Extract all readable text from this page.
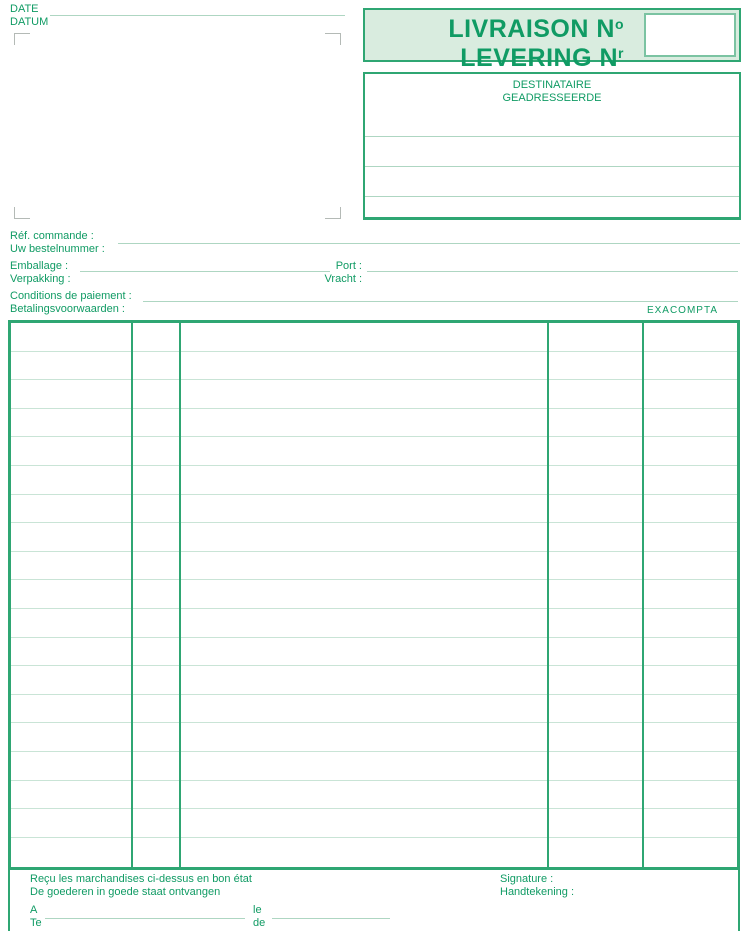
DATE
DATUM	LIVRAISON $N^o$
LEVERING $N^r$
DESTINATAIRE
GEADRESSEERDE
Réf. commande :
Uw bestelnummer :
Emballage :
Verpakking :
Port :
Vracht :
Conditions de paiement :
Betalingsvoorwaarden :	EXACOMPTA
Reçu les marchandises ci-dessus en bon état
De goederen in goede staat ontvangen
Signature :
Handtekening :
A
Te
le
de
